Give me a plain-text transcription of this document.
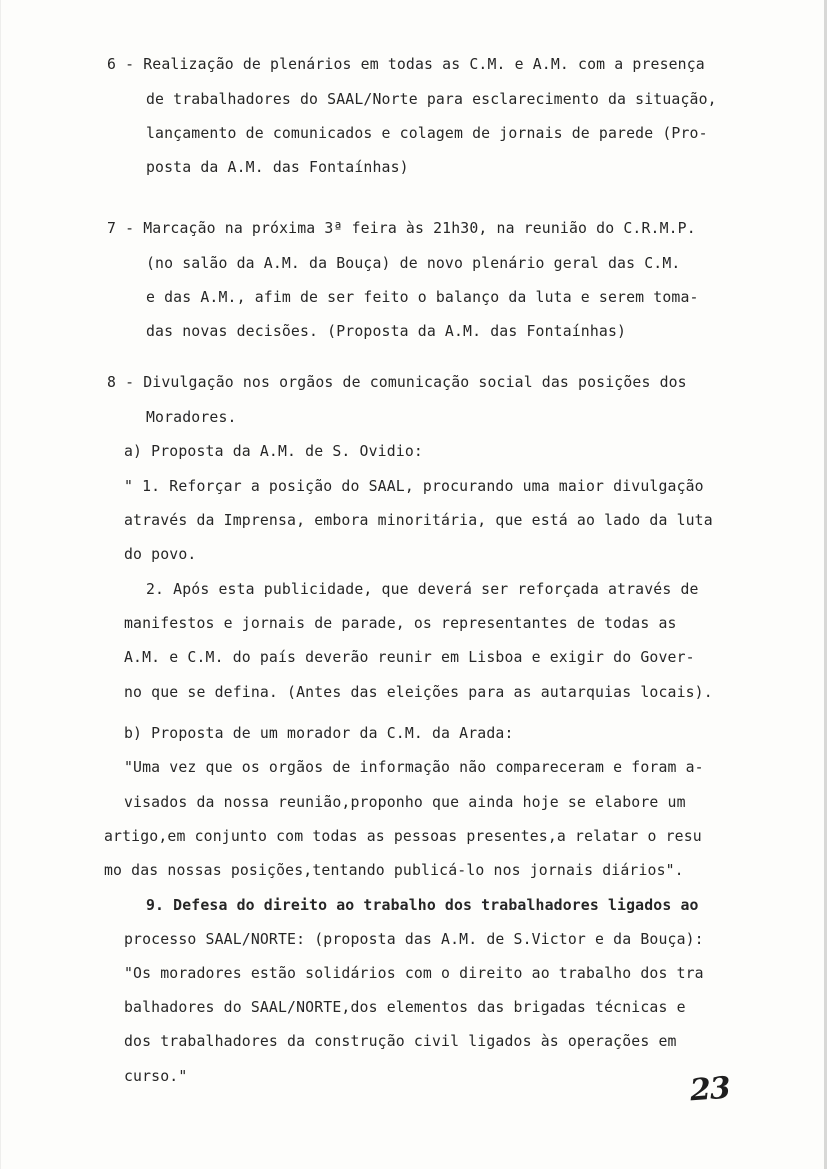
6 - Realização de plenários em todas as C.M. e A.M. com a presença
de trabalhadores do SAAL/Norte para esclarecimento da situação,
lançamento de comunicados e colagem de jornais de parede (Pro-
posta da A.M. das Fontaínhas)
7 - Marcação na próxima 3ª feira às 21h30, na reunião do C.R.M.P.
(no salão da A.M. da Bouça) de novo plenário geral das C.M.
e das A.M., afim de ser feito o balanço da luta e serem toma-
das novas decisões. (Proposta da A.M. das Fontaínhas)
8 - Divulgação nos orgãos de comunicação social das posições dos
Moradores.
a) Proposta da A.M. de S. Ovidio:
" 1. Reforçar a posição do SAAL, procurando uma maior divulgação
através da Imprensa, embora minoritária, que está ao lado da luta
do povo.
2. Após esta publicidade, que deverá ser reforçada através de
manifestos e jornais de parade, os representantes de todas as
A.M. e C.M. do país deverão reunir em Lisboa e exigir do Gover-
no que se defina. (Antes das eleições para as autarquias locais).
b) Proposta de um morador da C.M. da Arada:
"Uma vez que os orgãos de informação não compareceram e foram a-
visados da nossa reunião,proponho que ainda hoje se elabore um
artigo,em conjunto com todas as pessoas presentes,a relatar o resu
mo das nossas posições,tentando publicá-lo nos jornais diários".
9. Defesa do direito ao trabalho dos trabalhadores ligados ao
processo SAAL/NORTE: (proposta das A.M. de S.Victor e da Bouça):
"Os moradores estão solidários com o direito ao trabalho dos tra
balhadores do SAAL/NORTE,dos elementos das brigadas técnicas e
dos trabalhadores da construção civil ligados às operações em
curso."	23
